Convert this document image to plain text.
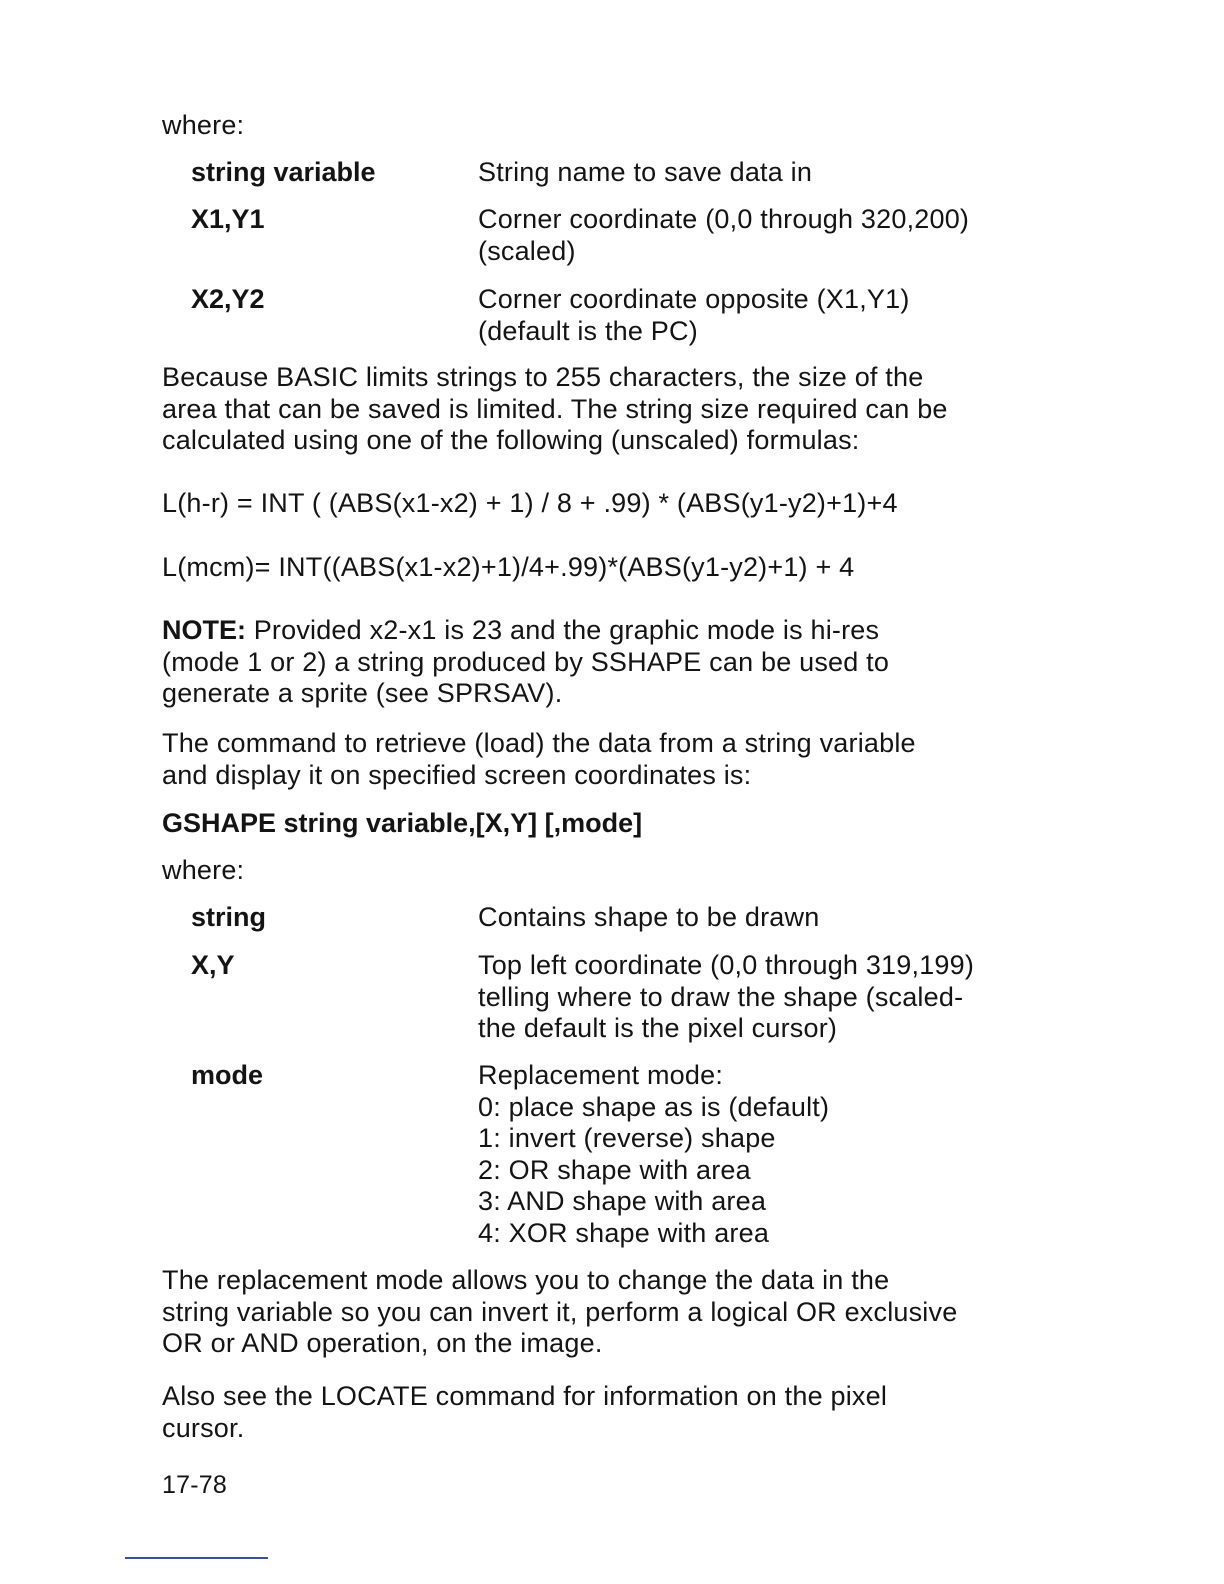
where:

string variable	String name to save data in
X1,Y1	Corner coordinate (0,0 through 320,200)
(scaled)
X2,Y2	Corner coordinate opposite (X1,Y1)
(default is the PC)
Because BASIC limits strings to 255 characters, the size of the
area that can be saved is limited. The string size required can be
calculated using one of the following (unscaled) formulas:

L(h-r) = INT ( (ABS(x1-x2) + 1) / 8 + .99) * (ABS(y1-y2)+1)+4

L(mcm)= INT((ABS(x1-x2)+1)/4+.99)*(ABS(y1-y2)+1) + 4

NOTE: Provided x2-x1 is 23 and the graphic mode is hi-res
(mode 1 or 2) a string produced by SSHAPE can be used to
generate a sprite (see SPRSAV).
The command to retrieve (load) the data from a string variable
and display it on specified screen coordinates is:

GSHAPE string variable,[X,Y] [,mode]

where:

string	Contains shape to be drawn
X,Y	Top left coordinate (0,0 through 319,199)
telling where to draw the shape (scaled-
the default is the pixel cursor)
mode	Replacement mode:
0: place shape as is (default)
1: invert (reverse) shape
2: OR shape with area
3: AND shape with area
4: XOR shape with area
The replacement mode allows you to change the data in the
string variable so you can invert it, perform a logical OR exclusive
OR or AND operation, on the image.
Also see the LOCATE command for information on the pixel
cursor.

17-78
